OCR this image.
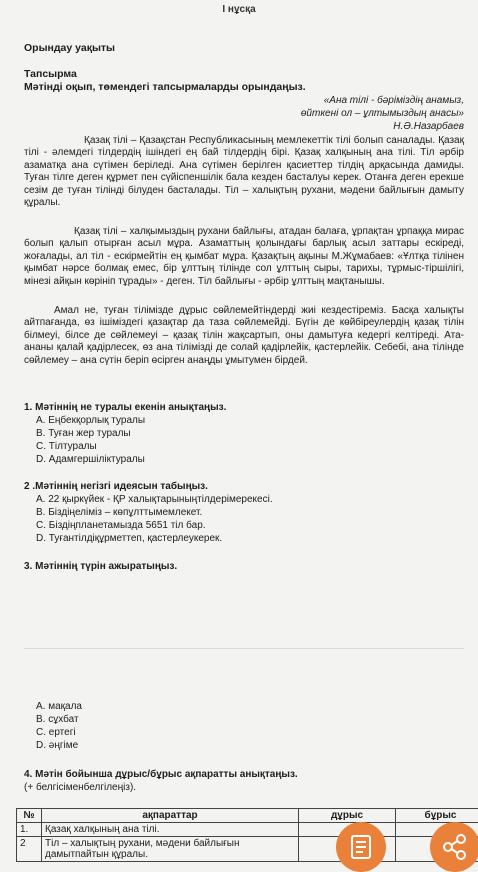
I нұсқа
Орындау уақыты
Тапсырма
Мәтінді оқып, төмендегі тапсырмаларды орындаңыз.
«Ана тілі - бәріміздің анамыз,
өйткені ол – ұлтымыздың анасы»
Н.Ә.Назарбаев
Қазақ тілі – Қазақстан Республикасының мемлекеттік тілі болып саналады. Қазақ тілі - әлемдегі тілдердің ішіндегі ең бай тілдердің бірі. Қазақ халқының ана тілі. Тіл әрбір азаматқа ана сүтімен беріледі. Ана сүтімен берілген қасиеттер тілдің арқасында дамиды. Туған тілге деген құрмет пен сүйіспеншілік бала кезден басталуы керек. Отанға деген ерекше сезім де туған тілінді білуден басталады. Тіл – халықтың рухани, мәдени байлығын дамыту құралы.
Қазақ тілі – халқымыздың рухани байлығы, атадан балаға, ұрпақтан ұрпаққа мирас болып қалып отырған асыл мұра. Азаматтың қолындағы барлық асыл заттары ескіреді, жоғалады, ал тіл - ескірмейтін ең қымбат мұра. Қазақтың ақыны М.Жұмабаев: «Ұлтқа тілінен қымбат нәрсе болмақ емес, бір ұлттың тілінде сол ұлттың сыры, тарихы, тұрмыс-тіршілігі, мінезі айқын көрініп тұрады» - деген. Тіл байлығы - әрбір ұлттың мақтанышы.
Амал не, туған тілімізде дұрыс сөйлемейтіндерді жиі кездестіреміз. Басқа халықты айтпағанда, өз ішіміздегі қазақтар да таза сөйлемейді. Бүгін де көйбіреулердің қазақ тілін білмеуі, білсе де сөйлемеуі – қазақ тілін жақсартып, оны дамытуға кедергі келтіреді. Ата-ананы қалай қадірлесек, өз ана тілімізді де солай қадірлейік, қастерлейік. Себебі, ана тілінде сөйлемеу – ана сүтін беріп өсірген анаңды ұмытумен бірдей.
1. Мәтіннің не туралы екенін анықтаңыз.
A. Еңбекқорлық туралы
B. Туған жер туралы
C. Тілтуралы
D. Адамгершіліктуралы
2 .Мәтіннің негізгі идеясын табыңыз.
A. 22 қыркүйек - ҚР халықтарыныңтілдерімерекесі.
B. Біздіңеліміз – көпұлттымемлекет.
C. Біздіңпланетамызда 5651 тіл бар.
D. Туғантілдіқұрметтеп, қастерлеукерек.
3. Мәтіннің түрін ажыратыңыз.
A. мақала
B. сұхбат
C. ертегі
D. әңгіме
4. Мәтін бойынша дұрыс/бұрыс ақпаратты анықтаңыз.
(+ белгісіменбелгілеңіз).
№	ақпараттар	дұрыс	бұрыс
1.	Қазақ халқының ана тілі.		
2	Тіл – халықтың рухани, мәдени байлығын дамытпайтын құралы.		
